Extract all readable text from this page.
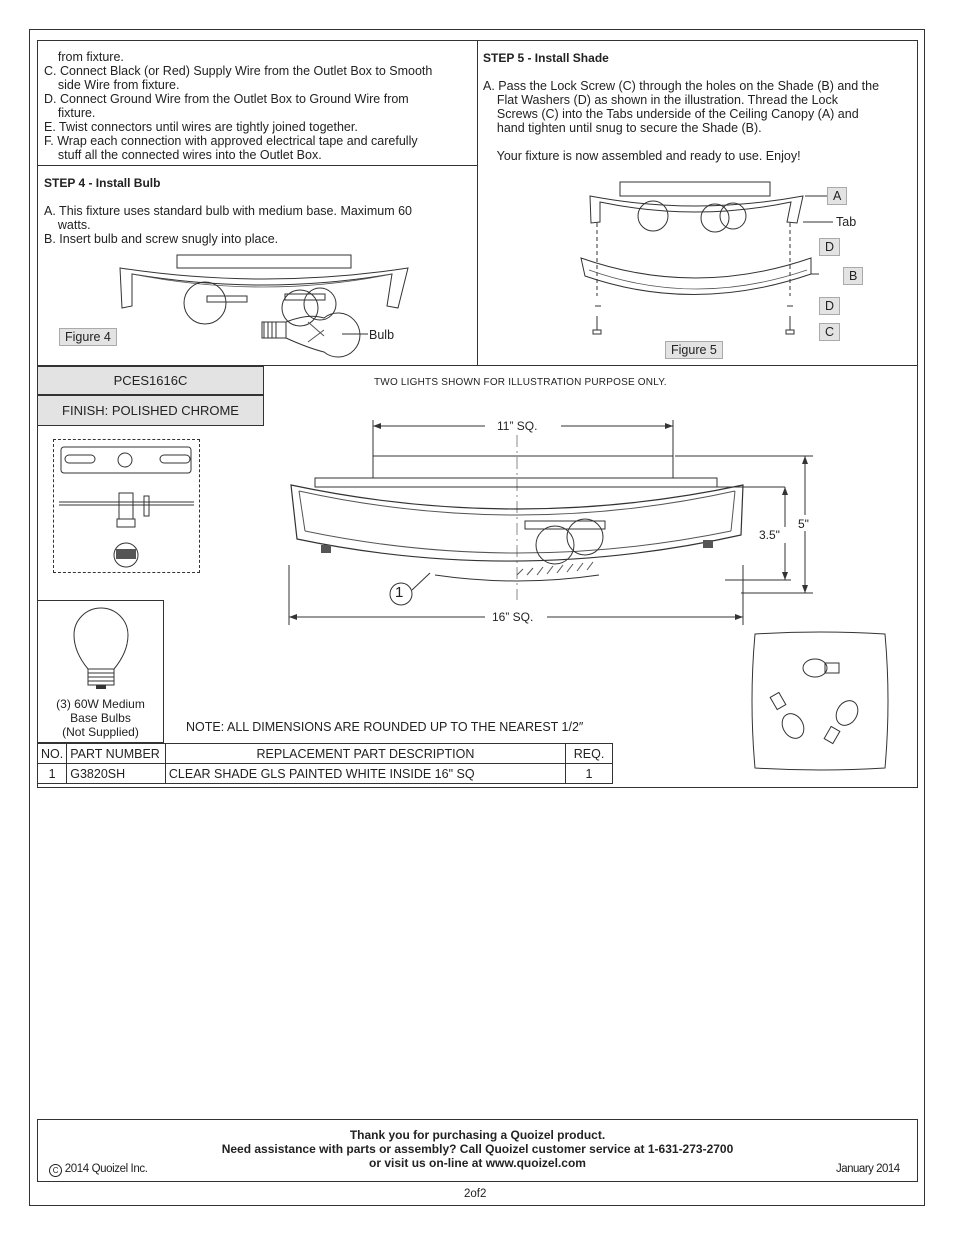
from fixture.
C. Connect Black (or Red) Supply Wire from the Outlet Box to Smooth
side Wire from fixture.
D. Connect Ground Wire from the Outlet Box to Ground Wire from
fixture.
E. Twist connectors until wires are tightly joined together.
F. Wrap each connection with approved electrical tape and carefully
stuff all the connected wires into the Outlet Box.
STEP 4 - Install Bulb
A. This fixture uses standard bulb with medium base. Maximum 60
watts.
B. Insert bulb and screw snugly into place.
Figure 4	Bulb
STEP 5 - Install Shade
A. Pass the Lock Screw (C) through the holes on the Shade (B) and the
Flat Washers (D) as shown in the illustration. Thread the Lock
Screws (C) into the Tabs underside of the Ceiling Canopy (A) and
hand tighten until snug to secure the Shade (B).
Your fixture is now assembled and ready to use. Enjoy!
A
Tab
D
B
D
C
Figure 5
PCES1616C
FINISH: POLISHED CHROME
TWO LIGHTS SHOWN FOR ILLUSTRATION PURPOSE ONLY.
(3) 60W Medium
Base Bulbs
(Not Supplied)
11” SQ.
16” SQ.
3.5"
5"
1
NOTE: ALL DIMENSIONS ARE ROUNDED UP TO THE NEAREST 1/2″
NO.	PART NUMBER	REPLACEMENT PART DESCRIPTION	REQ.
1	G3820SH	CLEAR SHADE GLS PAINTED WHITE INSIDE 16" SQ	1
Thank you for purchasing a Quoizel product.
Need assistance with parts or assembly? Call Quoizel customer service at 1-631-273-2700
or visit us on-line at www.quoizel.com
C 2014 Quoizel Inc.	January 2014
2of2
